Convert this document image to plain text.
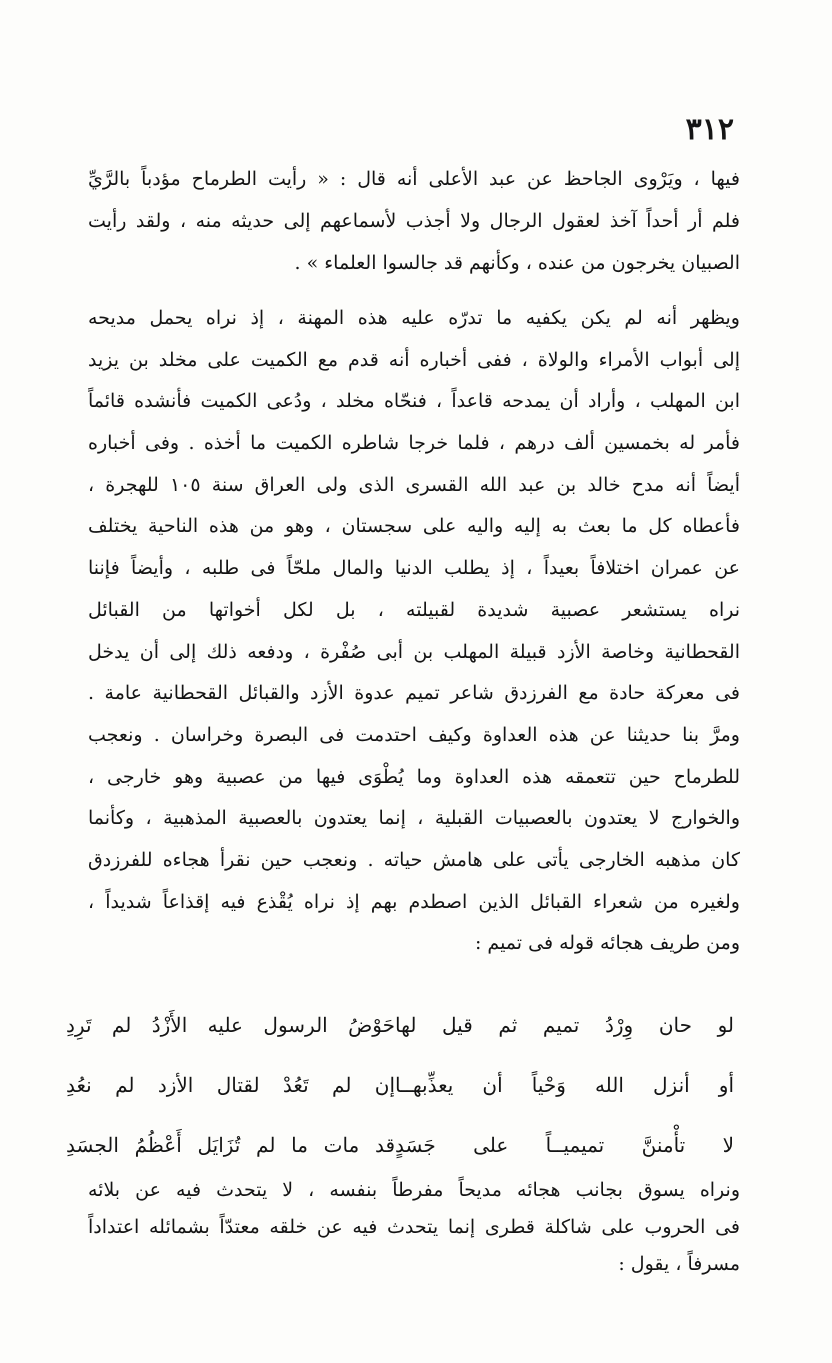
٣١٢
فيها ، ويَرْوى الجاحظ عن عبد الأعلى أنه قال : « رأيت الطرماح مؤدباً بالرَّيِّ
فلم أر أحداً آخذ لعقول الرجال ولا أجذب لأسماعهم إلى حديثه منه ، ولقد رأيت
الصبيان يخرجون من عنده ، وكأنهم قد جالسوا العلماء » .
ويظهر أنه لم يكن يكفيه ما تدرّه عليه هذه المهنة ، إذ نراه يحمل مديحه
إلى أبواب الأمراء والولاة ، ففى أخباره أنه قدم مع الكميت على مخلد بن يزيد
ابن المهلب ، وأراد أن يمدحه قاعداً ، فنحّاه مخلد ، ودُعى الكميت فأنشده قائماً
فأمر له بخمسين ألف درهم ، فلما خرجا شاطره الكميت ما أخذه . وفى أخباره
أيضاً أنه مدح خالد بن عبد الله القسرى الذى ولى العراق سنة ١٠٥ للهجرة ،
فأعطاه كل ما بعث به إليه واليه على سجستان ، وهو من هذه الناحية يختلف
عن عمران اختلافاً بعيداً ، إذ يطلب الدنيا والمال ملحّاً فى طلبه ، وأيضاً فإننا
نراه يستشعر عصبية شديدة لقبيلته ، بل لكل أخواتها من القبائل
القحطانية وخاصة الأزد قبيلة المهلب بن أبى صُفْرة ، ودفعه ذلك إلى أن يدخل
فى معركة حادة مع الفرزدق شاعر تميم عدوة الأزد والقبائل القحطانية عامة .
ومرَّ بنا حديثنا عن هذه العداوة وكيف احتدمت فى البصرة وخراسان . ونعجب
للطرماح حين تتعمقه هذه العداوة وما يُطْوَى فيها من عصبية وهو خارجى ،
والخوارج لا يعتدون بالعصبيات القبلية ، إنما يعتدون بالعصبية المذهبية ، وكأنما
كان مذهبه الخارجى يأتى على هامش حياته . ونعجب حين نقرأ هجاءه للفرزدق
ولغيره من شعراء القبائل الذين اصطدم بهم إذ نراه يُقْذع فيه إقذاعاً شديداً ،
ومن طريف هجائه قوله فى تميم :
لو حان وِرْدُ تميم ثم قيل لها
حَوْضُ الرسول عليه الأَزْدُ لم تَرِدِ
أو أنزل الله وَحْياً أن يعذِّبهــا
إن لم تَعُدْ لقتال الأزد لم نعُدِ
لا تأْمننَّ تميميــاً على جَسَدٍ
قد مات ما لم تُزَايَل أَعْظُمُ الجسَدِ
ونراه يسوق بجانب هجائه مديحاً مفرطاً بنفسه ، لا يتحدث فيه عن بلائه
فى الحروب على شاكلة قطرى إنما يتحدث فيه عن خلقه معتدّاً بشمائله اعتداداً
مسرفاً ، يقول :
